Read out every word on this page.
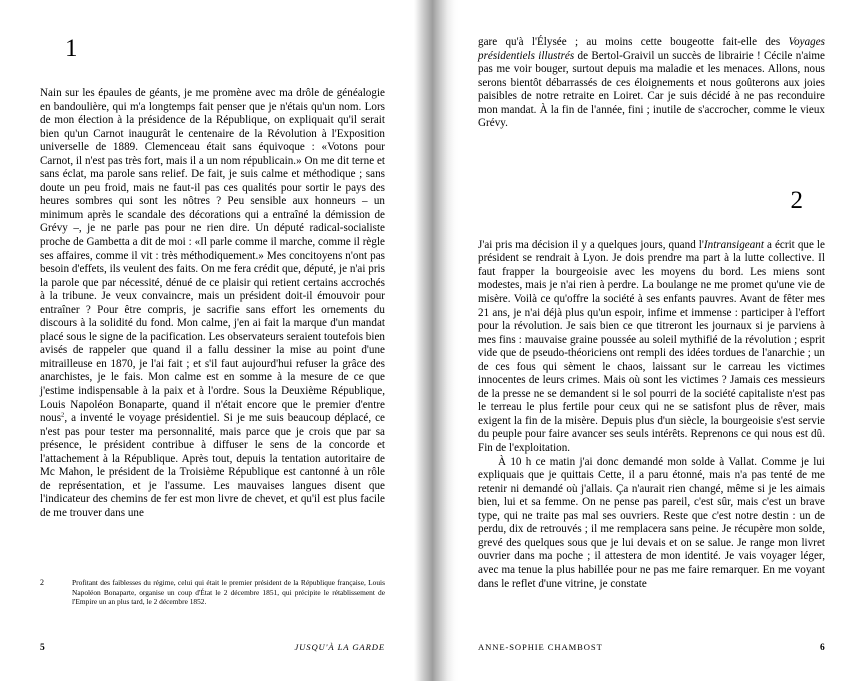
1

Nain sur les épaules de géants, je me promène avec ma drôle de généalogie en bandoulière, qui m'a longtemps fait penser que je n'étais qu'un nom. Lors de mon élection à la présidence de la République, on expliquait qu'il serait bien qu'un Carnot inaugurât le centenaire de la Révolution à l'Exposition universelle de 1889. Clemenceau était sans équivoque : «Votons pour Carnot, il n'est pas très fort, mais il a un nom républicain.» On me dit terne et sans éclat, ma parole sans relief. De fait, je suis calme et méthodique ; sans doute un peu froid, mais ne faut-il pas ces qualités pour sortir le pays des heures sombres qui sont les nôtres ? Peu sensible aux honneurs – un minimum après le scandale des décorations qui a entraîné la démission de Grévy –, je ne parle pas pour ne rien dire. Un député radical-socialiste proche de Gambetta a dit de moi : «Il parle comme il marche, comme il règle ses affaires, comme il vit : très méthodiquement.» Mes concitoyens n'ont pas besoin d'effets, ils veulent des faits. On me fera crédit que, député, je n'ai pris la parole que par nécessité, dénué de ce plaisir qui retient certains accrochés à la tribune. Je veux convaincre, mais un président doit-il émouvoir pour entraîner ? Pour être compris, je sacrifie sans effort les ornements du discours à la solidité du fond. Mon calme, j'en ai fait la marque d'un mandat placé sous le signe de la pacification. Les observateurs seraient toutefois bien avisés de rappeler que quand il a fallu dessiner la mise au point d'une mitrailleuse en 1870, je l'ai fait ; et s'il faut aujourd'hui refuser la grâce des anarchistes, je le fais. Mon calme est en somme à la mesure de ce que j'estime indispensable à la paix et à l'ordre. Sous la Deuxième République, Louis Napoléon Bonaparte, quand il n'était encore que le premier d'entre nous$^2$, a inventé le voyage présidentiel. Si je me suis beaucoup déplacé, ce n'est pas pour tester ma personnalité, mais parce que je crois que par sa présence, le président contribue à diffuser le sens de la concorde et l'attachement à la République. Après tout, depuis la tentation autoritaire de Mc Mahon, le président de la Troisième République est cantonné à un rôle de représentation, et je l'assume. Les mauvaises langues disent que l'indicateur des chemins de fer est mon livre de chevet, et qu'il est plus facile de me trouver dans une

2	Profitant des faiblesses du régime, celui qui était le premier président de la République française, Louis Napoléon Bonaparte, organise un coup d'État le 2 décembre 1851, qui précipite le rétablissement de l'Empire un an plus tard, le 2 décembre 1852.
5	JUSQU'À LA GARDE

gare qu'à l'Élysée ; au moins cette bougeotte fait-elle des Voyages présidentiels illustrés de Bertol-Graivil un succès de librairie ! Cécile n'aime pas me voir bouger, surtout depuis ma maladie et les menaces. Allons, nous serons bientôt débarrassés de ces éloignements et nous goûterons aux joies paisibles de notre retraite en Loiret. Car je suis décidé à ne pas reconduire mon mandat. À la fin de l'année, fini ; inutile de s'accrocher, comme le vieux Grévy.

2

J'ai pris ma décision il y a quelques jours, quand l'Intransigeant a écrit que le président se rendrait à Lyon. Je dois prendre ma part à la lutte collective. Il faut frapper la bourgeoisie avec les moyens du bord. Les miens sont modestes, mais je n'ai rien à perdre. La boulange ne me promet qu'une vie de misère. Voilà ce qu'offre la société à ses enfants pauvres. Avant de fêter mes 21 ans, je n'ai déjà plus qu'un espoir, infime et immense : participer à l'effort pour la révolution. Je sais bien ce que titreront les journaux si je parviens à mes fins : mauvaise graine poussée au soleil mythifié de la révolution ; esprit vide que de pseudo-théoriciens ont rempli des idées tordues de l'anarchie ; un de ces fous qui sèment le chaos, laissant sur le carreau les victimes innocentes de leurs crimes. Mais où sont les victimes ? Jamais ces messieurs de la presse ne se demandent si le sol pourri de la société capitaliste n'est pas le terreau le plus fertile pour ceux qui ne se satisfont plus de rêver, mais exigent la fin de la misère. Depuis plus d'un siècle, la bourgeoisie s'est servie du peuple pour faire avancer ses seuls intérêts. Reprenons ce qui nous est dû. Fin de l'exploitation.

À 10 h ce matin j'ai donc demandé mon solde à Vallat. Comme je lui expliquais que je quittais Cette, il a paru étonné, mais n'a pas tenté de me retenir ni demandé où j'allais. Ça n'aurait rien changé, même si je les aimais bien, lui et sa femme. On ne pense pas pareil, c'est sûr, mais c'est un brave type, qui ne traite pas mal ses ouvriers. Reste que c'est notre destin : un de perdu, dix de retrouvés ; il me remplacera sans peine. Je récupère mon solde, grevé des quelques sous que je lui devais et on se salue. Je range mon livret ouvrier dans ma poche ; il attestera de mon identité. Je vais voyager léger, avec ma tenue la plus habillée pour ne pas me faire remarquer. En me voyant dans le reflet d'une vitrine, je constate

ANNE-SOPHIE CHAMBOST	6
